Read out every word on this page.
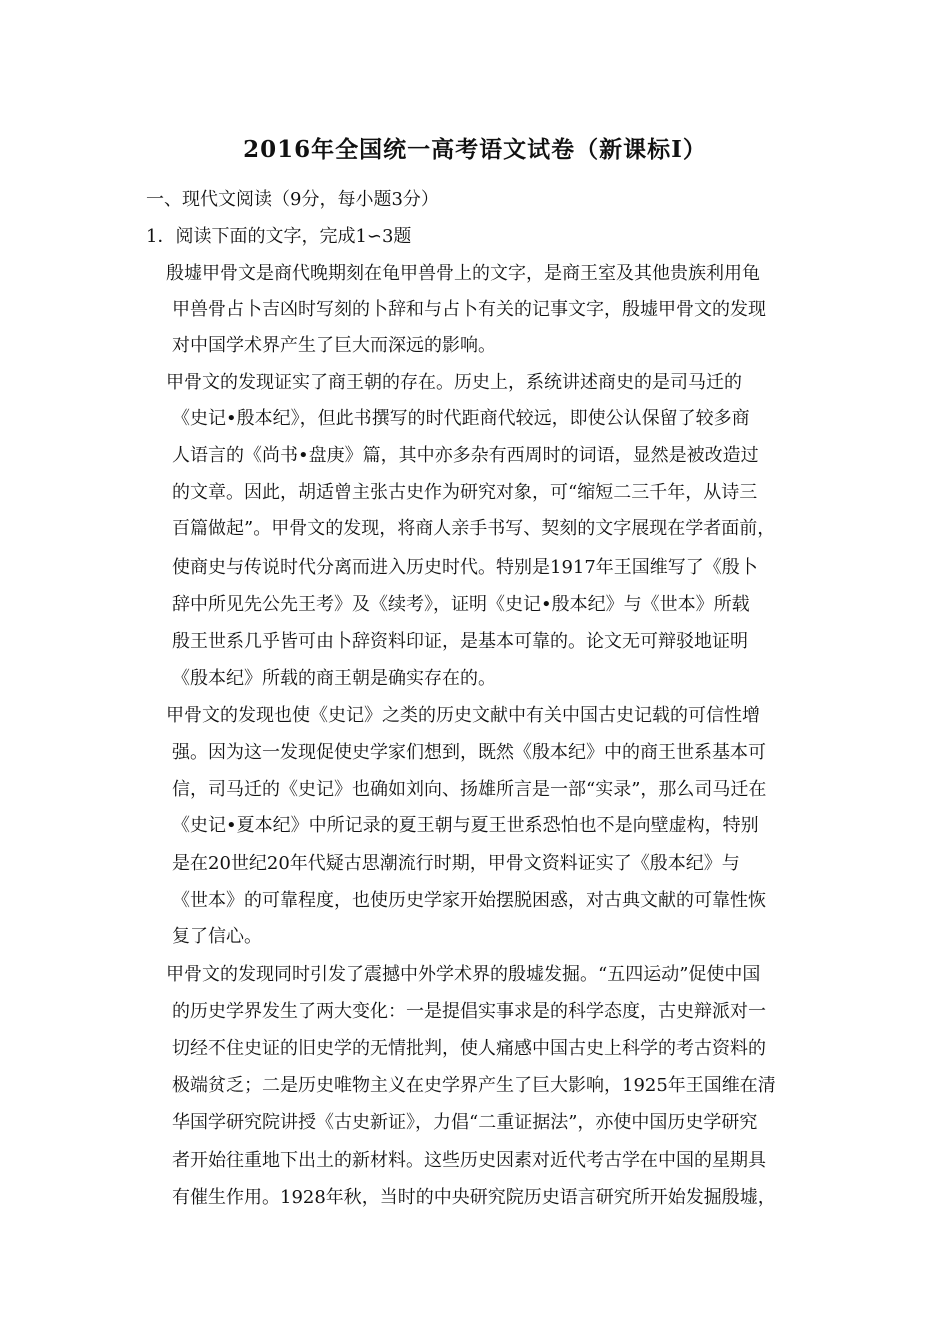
2016年全国统一高考语文试卷（新课标Ⅰ）
一、现代文阅读（9分，每小题3分）
1．阅读下面的文字，完成1∽3题
殷墟甲骨文是商代晚期刻在龟甲兽骨上的文字，是商王室及其他贵族利用龟
甲兽骨占卜吉凶时写刻的卜辞和与占卜有关的记事文字，殷墟甲骨文的发现
对中国学术界产生了巨大而深远的影响。
甲骨文的发现证实了商王朝的存在。历史上，系统讲述商史的是司马迁的
《史记•殷本纪》，但此书撰写的时代距商代较远，即使公认保留了较多商
人语言的《尚书•盘庚》篇，其中亦多杂有西周时的词语，显然是被改造过
的文章。因此，胡适曾主张古史作为研究对象，可“缩短二三千年，从诗三
百篇做起”。甲骨文的发现，将商人亲手书写、契刻的文字展现在学者面前，
使商史与传说时代分离而进入历史时代。特别是1917年王国维写了《殷卜
辞中所见先公先王考》及《续考》，证明《史记•殷本纪》与《世本》所载
殷王世系几乎皆可由卜辞资料印证，是基本可靠的。论文无可辩驳地证明
《殷本纪》所载的商王朝是确实存在的。
甲骨文的发现也使《史记》之类的历史文献中有关中国古史记载的可信性增
强。因为这一发现促使史学家们想到，既然《殷本纪》中的商王世系基本可
信，司马迁的《史记》也确如刘向、扬雄所言是一部“实录”，那么司马迁在
《史记•夏本纪》中所记录的夏王朝与夏王世系恐怕也不是向壁虚构，特别
是在20世纪20年代疑古思潮流行时期，甲骨文资料证实了《殷本纪》与
《世本》的可靠程度，也使历史学家开始摆脱困惑，对古典文献的可靠性恢
复了信心。
甲骨文的发现同时引发了震撼中外学术界的殷墟发掘。“五四运动”促使中国
的历史学界发生了两大变化：一是提倡实事求是的科学态度，古史辩派对一
切经不住史证的旧史学的无情批判，使人痛感中国古史上科学的考古资料的
极端贫乏；二是历史唯物主义在史学界产生了巨大影响，1925年王国维在清
华国学研究院讲授《古史新证》，力倡“二重证据法”，亦使中国历史学研究
者开始往重地下出土的新材料。这些历史因素对近代考古学在中国的星期具
有催生作用。1928年秋，当时的中央研究院历史语言研究所开始发掘殷墟，
